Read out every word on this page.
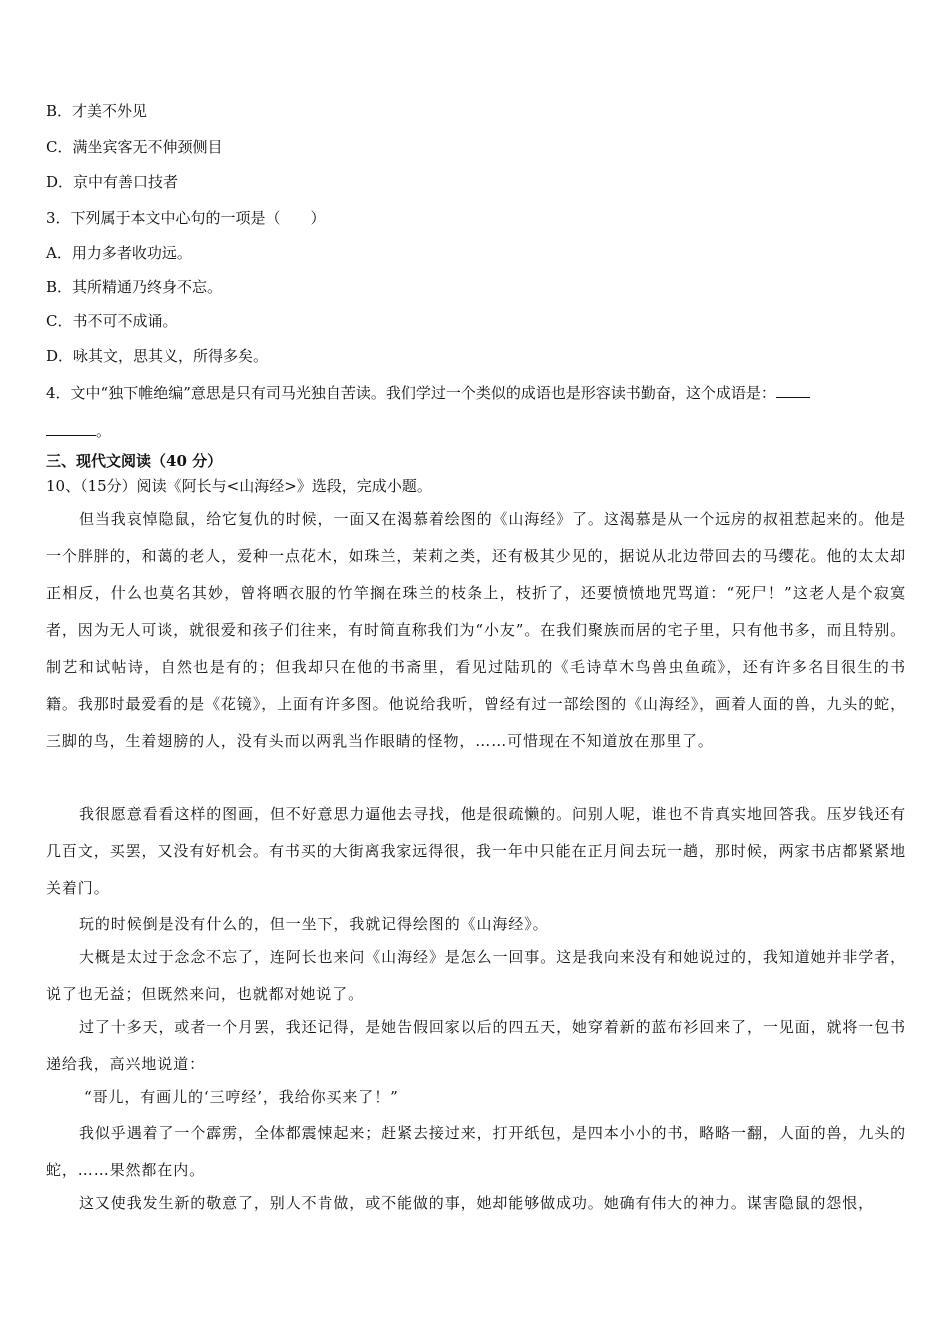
B．才美不外见
C．满坐宾客无不伸颈侧目
D．京中有善口技者
3．下列属于本文中心句的一项是（　　）
A．用力多者收功远。
B．其所精通乃终身不忘。
C．书不可不成诵。
D．咏其文，思其义，所得多矣。
4．文中“独下帷绝编”意思是只有司马光独自苦读。我们学过一个类似的成语也是形容读书勤奋，这个成语是：
。
三、现代文阅读（40 分）
10、（15分）阅读《阿长与<山海经>》选段，完成小题。
但当我哀悼隐鼠，给它复仇的时候，一面又在渴慕着绘图的《山海经》了。这渴慕是从一个远房的叔祖惹起来的。他是一个胖胖的，和蔼的老人，爱种一点花木，如珠兰，茉莉之类，还有极其少见的，据说从北边带回去的马缨花。他的太太却正相反，什么也莫名其妙，曾将晒衣服的竹竿搁在珠兰的枝条上，枝折了，还要愤愤地咒骂道：“死尸！”这老人是个寂寞者，因为无人可谈，就很爱和孩子们往来，有时简直称我们为“小友”。在我们聚族而居的宅子里，只有他书多，而且特别。制艺和试帖诗，自然也是有的；但我却只在他的书斋里，看见过陆玑的《毛诗草木鸟兽虫鱼疏》，还有许多名目很生的书籍。我那时最爱看的是《花镜》，上面有许多图。他说给我听，曾经有过一部绘图的《山海经》，画着人面的兽，九头的蛇，三脚的鸟，生着翅膀的人，没有头而以两乳当作眼睛的怪物，……可惜现在不知道放在那里了。
我很愿意看看这样的图画，但不好意思力逼他去寻找，他是很疏懒的。问别人呢，谁也不肯真实地回答我。压岁钱还有几百文，买罢，又没有好机会。有书买的大街离我家远得很，我一年中只能在正月间去玩一趟，那时候，两家书店都紧紧地关着门。
玩的时候倒是没有什么的，但一坐下，我就记得绘图的《山海经》。
大概是太过于念念不忘了，连阿长也来问《山海经》是怎么一回事。这是我向来没有和她说过的，我知道她并非学者，说了也无益；但既然来问，也就都对她说了。
过了十多天，或者一个月罢，我还记得，是她告假回家以后的四五天，她穿着新的蓝布衫回来了，一见面，就将一包书递给我，高兴地说道：
“哥儿，有画儿的‘三哼经’，我给你买来了！”
我似乎遇着了一个霹雳，全体都震悚起来；赶紧去接过来，打开纸包，是四本小小的书，略略一翻，人面的兽，九头的蛇，……果然都在内。
这又使我发生新的敬意了，别人不肯做，或不能做的事，她却能够做成功。她确有伟大的神力。谋害隐鼠的怨恨，
